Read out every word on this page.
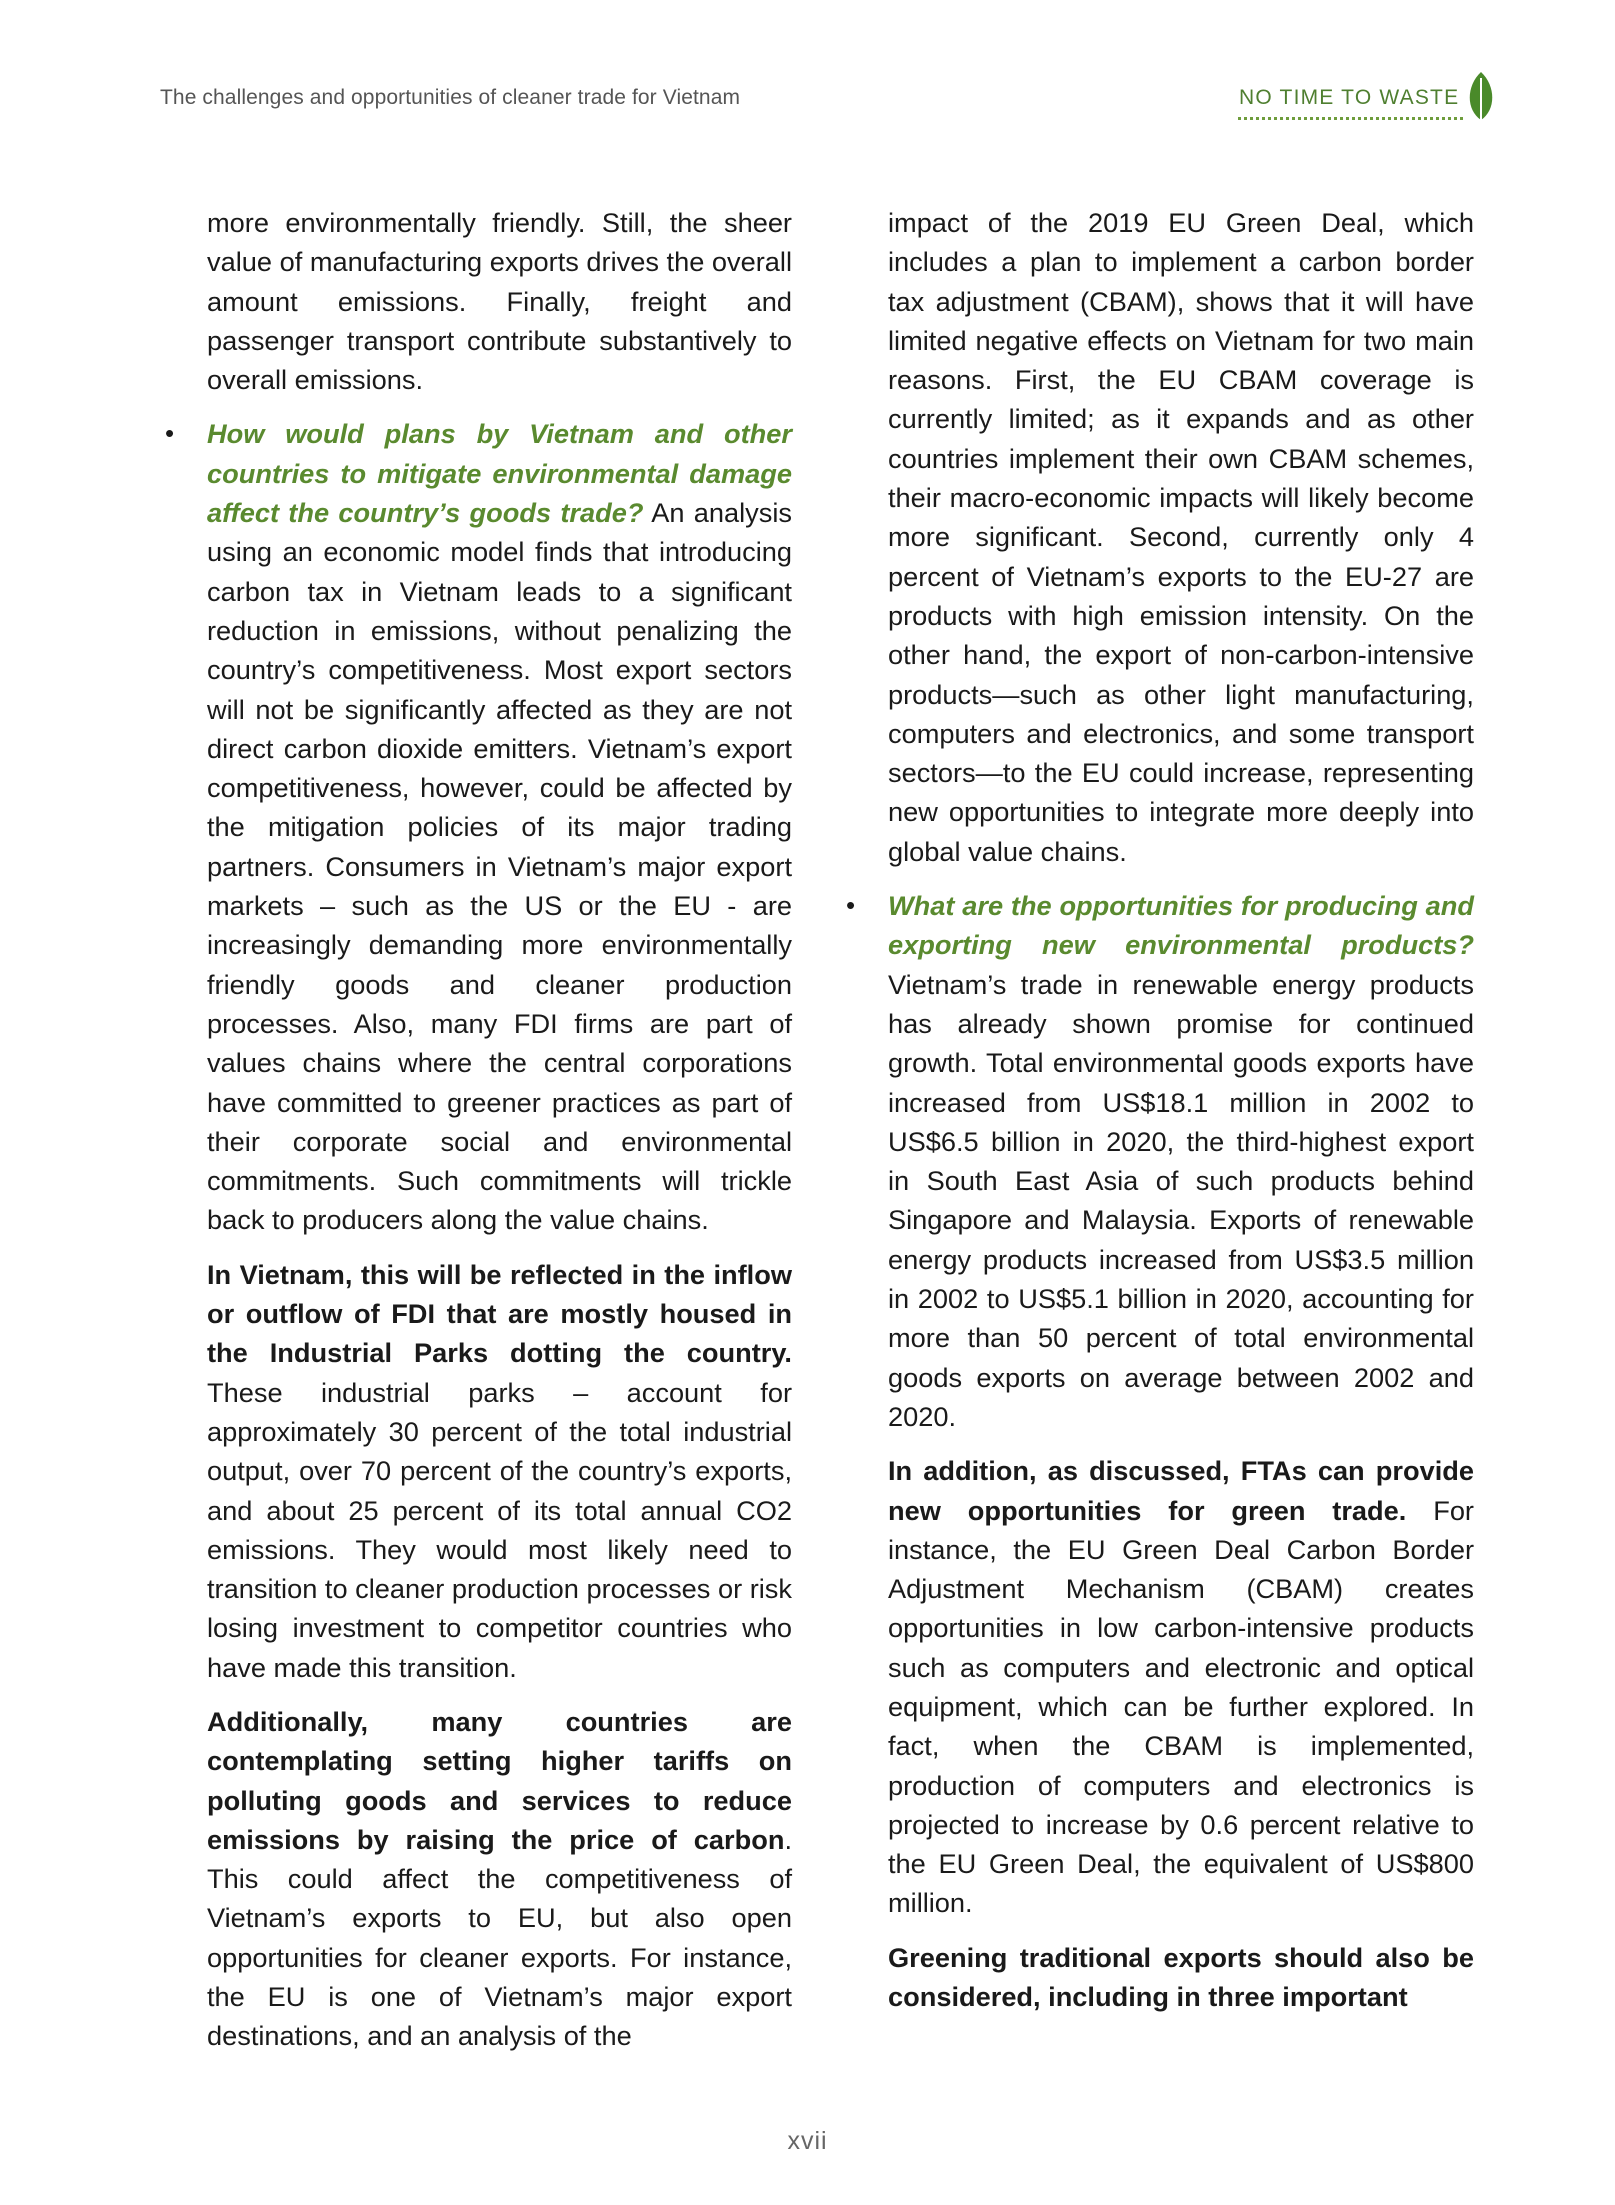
The challenges and opportunities of cleaner trade for Vietnam	NO TIME TO WASTE

more environmentally friendly. Still, the sheer value of manufacturing exports drives the overall amount emissions. Finally, freight and passenger transport contribute substantively to overall emissions.

• How would plans by Vietnam and other countries to mitigate environmental damage affect the country’s goods trade? An analysis using an economic model finds that introducing carbon tax in Vietnam leads to a significant reduction in emissions, without penalizing the country’s competitiveness. Most export sectors will not be significantly affected as they are not direct carbon dioxide emitters. Vietnam’s export competitiveness, however, could be affected by the mitigation policies of its major trading partners. Consumers in Vietnam’s major export markets – such as the US or the EU - are increasingly demanding more environmentally friendly goods and cleaner production processes. Also, many FDI firms are part of values chains where the central corporations have committed to greener practices as part of their corporate social and environmental commitments. Such commitments will trickle back to producers along the value chains.

In Vietnam, this will be reflected in the inflow or outflow of FDI that are mostly housed in the Industrial Parks dotting the country. These industrial parks – account for approximately 30 percent of the total industrial output, over 70 percent of the country’s exports, and about 25 percent of its total annual CO2 emissions. They would most likely need to transition to cleaner production processes or risk losing investment to competitor countries who have made this transition.

Additionally, many countries are contemplating setting higher tariffs on polluting goods and services to reduce emissions by raising the price of carbon. This could affect the competitiveness of Vietnam’s exports to EU, but also open opportunities for cleaner exports. For instance, the EU is one of Vietnam’s major export destinations, and an analysis of the

impact of the 2019 EU Green Deal, which includes a plan to implement a carbon border tax adjustment (CBAM), shows that it will have limited negative effects on Vietnam for two main reasons. First, the EU CBAM coverage is currently limited; as it expands and as other countries implement their own CBAM schemes, their macro-economic impacts will likely become more significant. Second, currently only 4 percent of Vietnam’s exports to the EU-27 are products with high emission intensity. On the other hand, the export of non-carbon-intensive products—such as other light manufacturing, computers and electronics, and some transport sectors—to the EU could increase, representing new opportunities to integrate more deeply into global value chains.

• What are the opportunities for producing and exporting new environmental products? Vietnam’s trade in renewable energy products has already shown promise for continued growth. Total environmental goods exports have increased from US$18.1 million in 2002 to US$6.5 billion in 2020, the third-highest export in South East Asia of such products behind Singapore and Malaysia. Exports of renewable energy products increased from US$3.5 million in 2002 to US$5.1 billion in 2020, accounting for more than 50 percent of total environmental goods exports on average between 2002 and 2020.

In addition, as discussed, FTAs can provide new opportunities for green trade. For instance, the EU Green Deal Carbon Border Adjustment Mechanism (CBAM) creates opportunities in low carbon-intensive products such as computers and electronic and optical equipment, which can be further explored. In fact, when the CBAM is implemented, production of computers and electronics is projected to increase by 0.6 percent relative to the EU Green Deal, the equivalent of US$800 million.

Greening traditional exports should also be considered, including in three important

xvii
